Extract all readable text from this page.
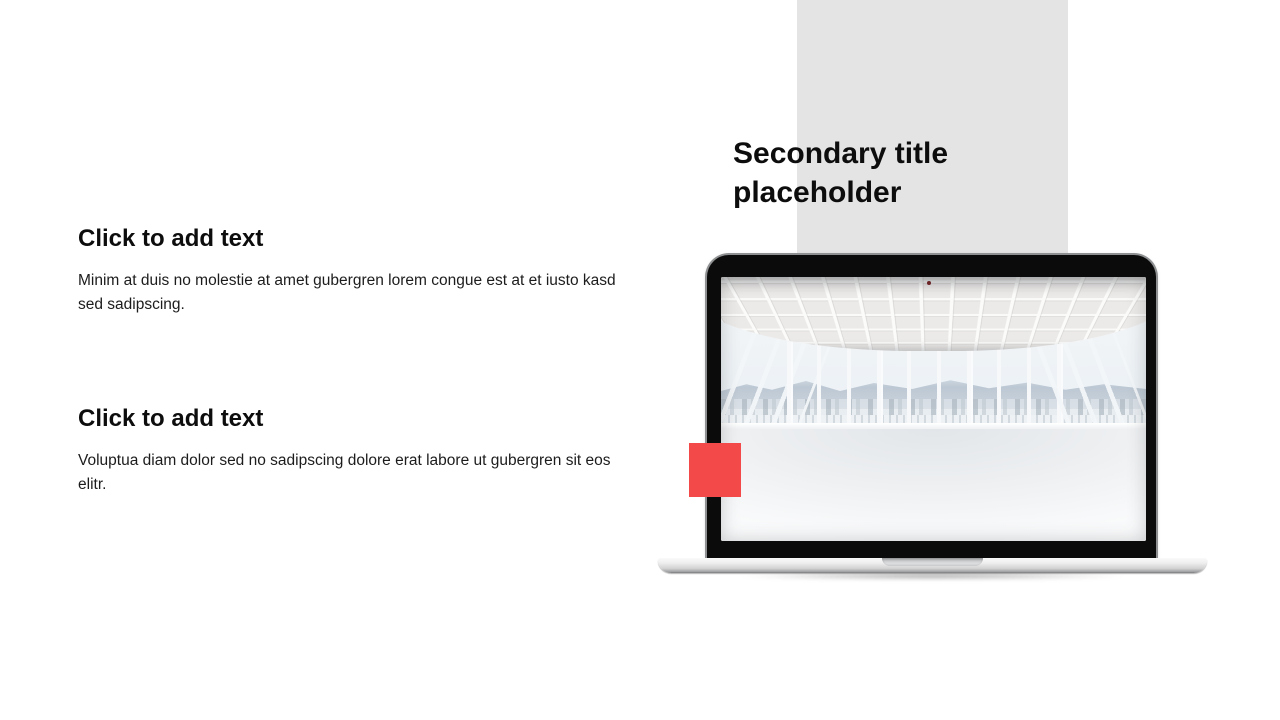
Secondary title placeholder
Click to add text

Minim at duis no molestie at amet gubergren lorem congue est at et iusto kasd sed sadipscing.

Click to add text

Voluptua diam dolor sed no sadipscing dolore erat labore ut gubergren sit eos elitr.
